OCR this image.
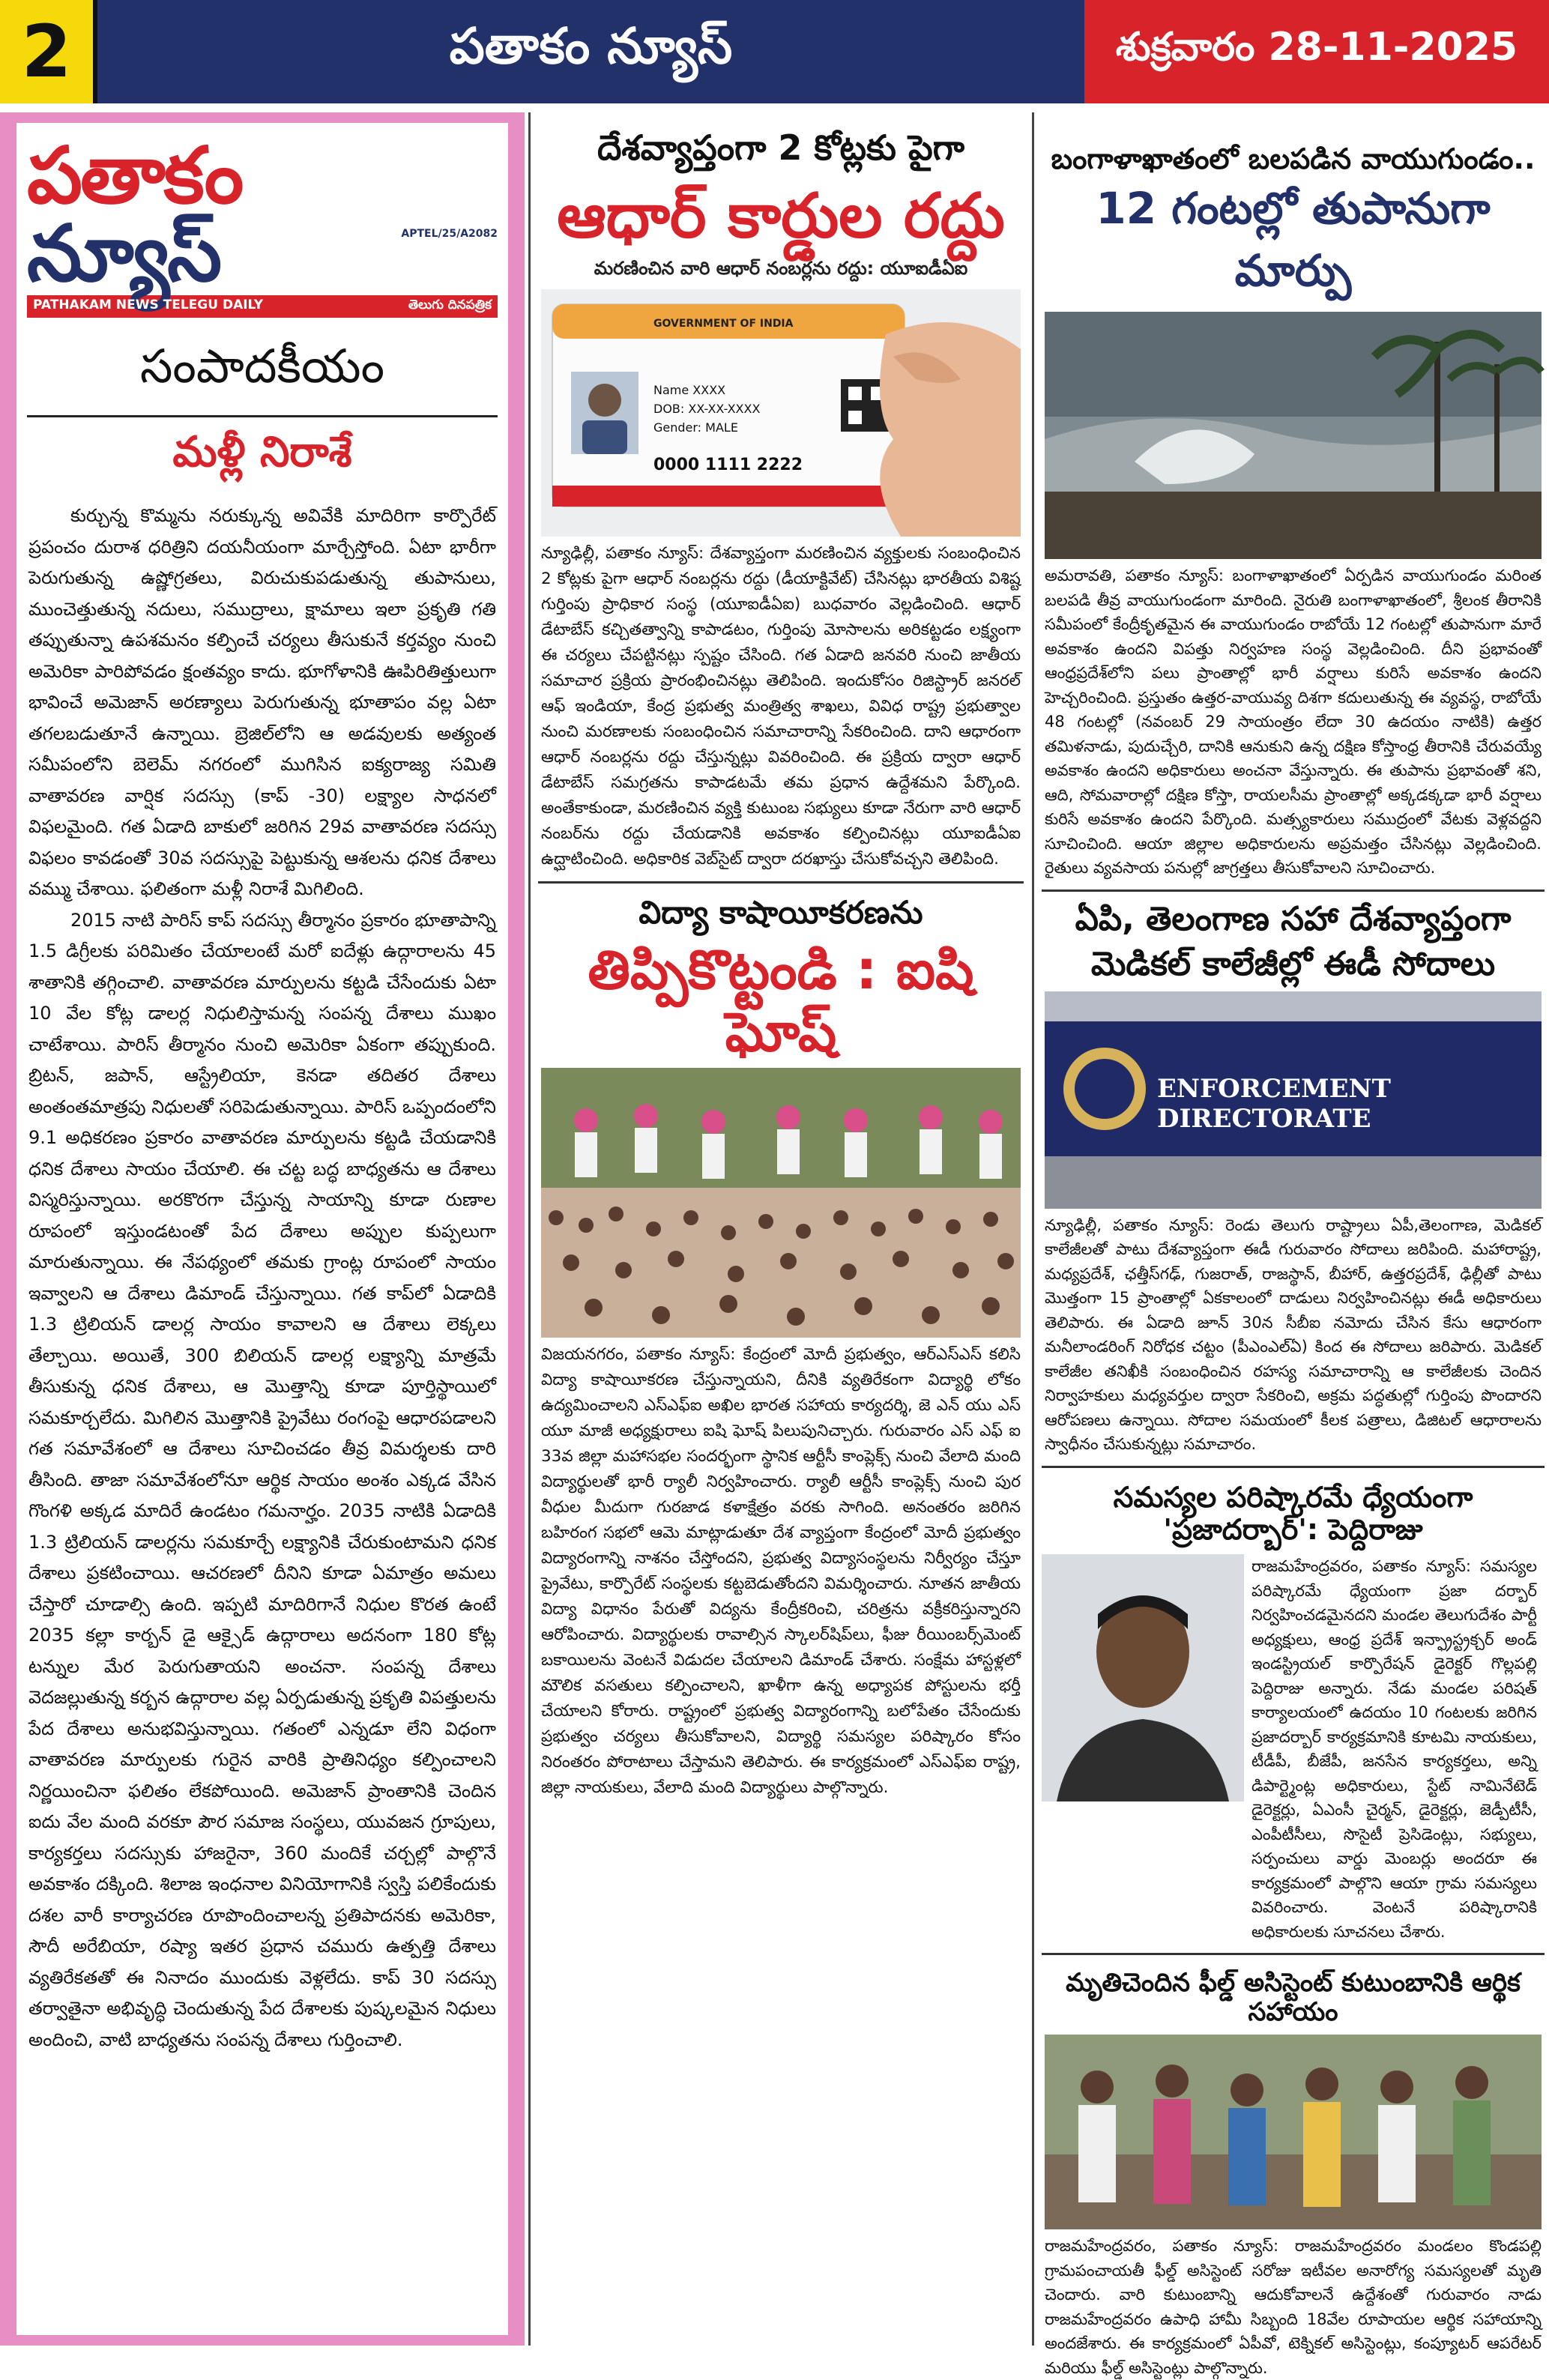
2	పతాకం న్యూస్	శుక్రవారం 28-11-2025
పతాకం న్యూస్	APTEL/25/A2082
PATHAKAM NEWS TELEGU DAILY	తెలుగు దినపత్రిక
సంపాదకీయం
మళ్లీ నిరాశే

కుర్చున్న కొమ్మను నరుక్కున్న అవివేకి మాదిరిగా కార్పొరేట్ ప్రపంచం దురాశ ధరిత్రిని దయనీయంగా మార్చేస్తోంది. ఏటా భారీగా పెరుగుతున్న ఉష్ణోగ్రతలు, విరుచుకుపడుతున్న తుపానులు, ముంచెత్తుతున్న నదులు, సముద్రాలు, క్షామాలు ఇలా ప్రకృతి గతి తప్పుతున్నా ఉపశమనం కల్పించే చర్యలు తీసుకునే కర్తవ్యం నుంచి అమెరికా పారిపోవడం క్షంతవ్యం కాదు. భూగోళానికి ఊపిరితిత్తులుగా భావించే అమెజాన్ అరణ్యాలు పెరుగుతున్న భూతాపం వల్ల ఏటా తగలబడుతూనే ఉన్నాయి. బ్రెజిల్‌లోని ఆ అడవులకు అత్యంత సమీపంలోని బెలెమ్ నగరంలో ముగిసిన ఐక్యరాజ్య సమితి వాతావరణ వార్షిక సదస్సు (కాప్ -30) లక్ష్యాల సాధనలో విఫలమైంది. గత ఏడాది బాకులో జరిగిన 29వ వాతావరణ సదస్సు విఫలం కావడంతో 30వ సదస్సుపై పెట్టుకున్న ఆశలను ధనిక దేశాలు వమ్ము చేశాయి. ఫలితంగా మళ్లీ నిరాశే మిగిలింది.

2015 నాటి పారిస్ కాప్ సదస్సు తీర్మానం ప్రకారం భూతాపాన్ని 1.5 డిగ్రీలకు పరిమితం చేయాలంటే మరో ఐదేళ్లు ఉద్గారాలను 45 శాతానికి తగ్గించాలి. వాతావరణ మార్పులను కట్టడి చేసేందుకు ఏటా 10 వేల కోట్ల డాలర్ల నిధులిస్తామన్న సంపన్న దేశాలు ముఖం చాటేశాయి. పారిస్ తీర్మానం నుంచి అమెరికా ఏకంగా తప్పుకుంది. బ్రిటన్, జపాన్, ఆస్ట్రేలియా, కెనడా తదితర దేశాలు అంతంతమాత్రపు నిధులతో సరిపెడుతున్నాయి. పారిస్ ఒప్పందంలోని 9.1 అధికరణం ప్రకారం వాతావరణ మార్పులను కట్టడి చేయడానికి ధనిక దేశాలు సాయం చేయాలి. ఈ చట్ట బద్ధ బాధ్యతను ఆ దేశాలు విస్మరిస్తున్నాయి. అరకొరగా చేస్తున్న సాయాన్ని కూడా రుణాల రూపంలో ఇస్తుండటంతో పేద దేశాలు అప్పుల కుప్పలుగా మారుతున్నాయి. ఈ నేపథ్యంలో తమకు గ్రాంట్ల రూపంలో సాయం ఇవ్వాలని ఆ దేశాలు డిమాండ్ చేస్తున్నాయి. గత కాప్‌లో ఏడాదికి 1.3 ట్రిలియన్ డాలర్ల సాయం కావాలని ఆ దేశాలు లెక్కలు తేల్చాయి. అయితే, 300 బిలియన్ డాలర్ల లక్ష్యాన్ని మాత్రమే తీసుకున్న ధనిక దేశాలు, ఆ మొత్తాన్ని కూడా పూర్తిస్థాయిలో సమకూర్చలేదు. మిగిలిన మొత్తానికి ప్రైవేటు రంగంపై ఆధారపడాలని గత సమావేశంలో ఆ దేశాలు సూచించడం తీవ్ర విమర్శలకు దారి తీసింది. తాజా సమావేశంలోనూ ఆర్థిక సాయం అంశం ఎక్కడ వేసిన గొంగళి అక్కడ మాదిరే ఉండటం గమనార్హం. 2035 నాటికి ఏడాదికి 1.3 ట్రిలియన్ డాలర్లను సమకూర్చే లక్ష్యానికి చేరుకుంటామని ధనిక దేశాలు ప్రకటించాయి. ఆచరణలో దీనిని కూడా ఏమాత్రం అమలు చేస్తారో చూడాల్సి ఉంది. ఇప్పటి మాదిరిగానే నిధుల కొరత ఉంటే 2035 కల్లా కార్బన్ డై ఆక్సైడ్ ఉద్గారాలు అదనంగా 180 కోట్ల టన్నుల మేర పెరుగుతాయని అంచనా. సంపన్న దేశాలు వెదజల్లుతున్న కర్బన ఉద్గారాల వల్ల ఏర్పడుతున్న ప్రకృతి విపత్తులను పేద దేశాలు అనుభవిస్తున్నాయి. గతంలో ఎన్నడూ లేని విధంగా వాతావరణ మార్పులకు గురైన వారికి ప్రాతినిధ్యం కల్పించాలని నిర్ణయించినా ఫలితం లేకపోయింది. అమెజాన్ ప్రాంతానికి చెందిన ఐదు వేల మంది వరకూ పౌర సమాజ సంస్థలు, యువజన గ్రూపులు, కార్యకర్తలు సదస్సుకు హాజరైనా, 360 మందికే చర్చల్లో పాల్గొనే అవకాశం దక్కింది. శిలాజ ఇంధనాల వినియోగానికి స్వస్తి పలికేందుకు దశల వారీ కార్యాచరణ రూపొందించాలన్న ప్రతిపాదనకు అమెరికా, సౌదీ అరేబియా, రష్యా ఇతర ప్రధాన చమురు ఉత్పత్తి దేశాలు వ్యతిరేకతతో ఈ నినాదం ముందుకు వెళ్లలేదు. కాప్ 30 సదస్సు తర్వాతైనా అభివృద్ధి చెందుతున్న పేద దేశాలకు పుష్కలమైన నిధులు అందించి, వాటి బాధ్యతను సంపన్న దేశాలు గుర్తించాలి.

దేశవ్యాప్తంగా 2 కోట్లకు పైగా
ఆధార్ కార్డుల రద్దు
మరణించిన వారి ఆధార్ నంబర్లను రద్దు: యూఐడీఏఐ
GOVERNMENT OF INDIA
Name XXXX
DOB: XX-XX-XXXX
Gender: MALE
0000 1111 2222
న్యూఢిల్లీ, పతాకం న్యూస్: దేశవ్యాప్తంగా మరణించిన వ్యక్తులకు సంబంధించిన 2 కోట్లకు పైగా ఆధార్ నంబర్లను రద్దు (డీయాక్టివేట్) చేసినట్లు భారతీయ విశిష్ట గుర్తింపు ప్రాధికార సంస్థ (యూఐడీఏఐ) బుధవారం వెల్లడించింది. ఆధార్ డేటాబేస్ కచ్చితత్వాన్ని కాపాడటం, గుర్తింపు మోసాలను అరికట్టడం లక్ష్యంగా ఈ చర్యలు చేపట్టినట్లు స్పష్టం చేసింది. గత ఏడాది జనవరి నుంచి జాతీయ సమాచార ప్రక్రియ ప్రారంభించినట్లు తెలిపింది. ఇందుకోసం రిజిస్ట్రార్ జనరల్ ఆఫ్ ఇండియా, కేంద్ర ప్రభుత్వ మంత్రిత్వ శాఖలు, వివిధ రాష్ట్ర ప్రభుత్వాల నుంచి మరణాలకు సంబంధించిన సమాచారాన్ని సేకరించింది. దాని ఆధారంగా ఆధార్ నంబర్లను రద్దు చేస్తున్నట్లు వివరించింది. ఈ ప్రక్రియ ద్వారా ఆధార్ డేటాబేస్ సమగ్రతను కాపాడటమే తమ ప్రధాన ఉద్దేశమని పేర్కొంది. అంతేకాకుండా, మరణించిన వ్యక్తి కుటుంబ సభ్యులు కూడా నేరుగా వారి ఆధార్ నంబర్‌ను రద్దు చేయడానికి అవకాశం కల్పించినట్లు యూఐడీఏఐ ఉద్ఘాటించింది. అధికారిక వెబ్‌సైట్ ద్వారా దరఖాస్తు చేసుకోవచ్చని తెలిపింది.
విద్యా కాషాయీకరణను
తిప్పికొట్టండి : ఐషి ఘోష్
విజయనగరం, పతాకం న్యూస్: కేంద్రంలో మోదీ ప్రభుత్వం, ఆర్ఎస్ఎస్ కలిసి విద్యా కాషాయీకరణ చేస్తున్నాయని, దీనికి వ్యతిరేకంగా విద్యార్థి లోకం ఉద్యమించాలని ఎస్ఎఫ్ఐ అఖిల భారత సహాయ కార్యదర్శి, జె ఎన్ యు ఎస్ యూ మాజీ అధ్యక్షురాలు ఐషి ఘోష్ పిలుపునిచ్చారు. గురువారం ఎస్ ఎఫ్ ఐ 33వ జిల్లా మహాసభల సందర్భంగా స్థానిక ఆర్టీసీ కాంప్లెక్స్ నుంచి వేలాది మంది విద్యార్థులతో భారీ ర్యాలీ నిర్వహించారు. ర్యాలీ ఆర్టీసీ కాంప్లెక్స్ నుంచి పుర వీధుల మీదుగా గురజాడ కళాక్షేత్రం వరకు సాగింది. అనంతరం జరిగిన బహిరంగ సభలో ఆమె మాట్లాడుతూ దేశ వ్యాప్తంగా కేంద్రంలో మోదీ ప్రభుత్వం విద్యారంగాన్ని నాశనం చేస్తోందని, ప్రభుత్వ విద్యాసంస్థలను నిర్వీర్యం చేస్తూ ప్రైవేటు, కార్పొరేట్ సంస్థలకు కట్టబెడుతోందని విమర్శించారు. నూతన జాతీయ విద్యా విధానం పేరుతో విద్యను కేంద్రీకరించి, చరిత్రను వక్రీకరిస్తున్నారని ఆరోపించారు. విద్యార్థులకు రావాల్సిన స్కాలర్‌షిప్‌లు, ఫీజు రీయింబర్స్‌మెంట్ బకాయిలను వెంటనే విడుదల చేయాలని డిమాండ్ చేశారు. సంక్షేమ హాస్టళ్లలో మౌలిక వసతులు కల్పించాలని, ఖాళీగా ఉన్న అధ్యాపక పోస్టులను భర్తీ చేయాలని కోరారు. రాష్ట్రంలో ప్రభుత్వ విద్యారంగాన్ని బలోపేతం చేసేందుకు ప్రభుత్వం చర్యలు తీసుకోవాలని, విద్యార్థి సమస్యల పరిష్కారం కోసం నిరంతరం పోరాటాలు చేస్తామని తెలిపారు. ఈ కార్యక్రమంలో ఎస్ఎఫ్ఐ రాష్ట్ర, జిల్లా నాయకులు, వేలాది మంది విద్యార్థులు పాల్గొన్నారు.
బంగాళాఖాతంలో బలపడిన వాయుగుండం..
12 గంటల్లో తుపానుగా మార్పు
అమరావతి, పతాకం న్యూస్: బంగాళాఖాతంలో ఏర్పడిన వాయుగుండం మరింత బలపడి తీవ్ర వాయుగుండంగా మారింది. నైరుతి బంగాళాఖాతంలో, శ్రీలంక తీరానికి సమీపంలో కేంద్రీకృతమైన ఈ వాయుగుండం రాబోయే 12 గంటల్లో తుపానుగా మారే అవకాశం ఉందని విపత్తు నిర్వహణ సంస్థ వెల్లడించింది. దీని ప్రభావంతో ఆంధ్రప్రదేశ్‌లోని పలు ప్రాంతాల్లో భారీ వర్షాలు కురిసే అవకాశం ఉందని హెచ్చరించింది. ప్రస్తుతం ఉత్తర-వాయువ్య దిశగా కదులుతున్న ఈ వ్యవస్థ, రాబోయే 48 గంటల్లో (నవంబర్ 29 సాయంత్రం లేదా 30 ఉదయం నాటికి) ఉత్తర తమిళనాడు, పుదుచ్చేరి, దానికి ఆనుకుని ఉన్న దక్షిణ కోస్తాంధ్ర తీరానికి చేరువయ్యే అవకాశం ఉందని అధికారులు అంచనా వేస్తున్నారు. ఈ తుపాను ప్రభావంతో శని, ఆది, సోమవారాల్లో దక్షిణ కోస్తా, రాయలసీమ ప్రాంతాల్లో అక్కడక్కడా భారీ వర్షాలు కురిసే అవకాశం ఉందని పేర్కొంది. మత్స్యకారులు సముద్రంలో వేటకు వెళ్లవద్దని సూచించింది. ఆయా జిల్లాల అధికారులను అప్రమత్తం చేసినట్లు వెల్లడించింది. రైతులు వ్యవసాయ పనుల్లో జాగ్రత్తలు తీసుకోవాలని సూచించారు.
ఏపి, తెలంగాణ సహా దేశవ్యాప్తంగా
మెడికల్ కాలేజీల్లో ఈడీ సోదాలు
ENFORCEMENT DIRECTORATE
న్యూఢిల్లీ, పతాకం న్యూస్: రెండు తెలుగు రాష్ట్రాలు ఏపీ,తెలంగాణ, మెడికల్ కాలేజీలతో పాటు దేశవ్యాప్తంగా ఈడీ గురువారం సోదాలు జరిపింది. మహారాష్ట్ర, మధ్యప్రదేశ్, ఛత్తీస్‌గఢ్, గుజరాత్, రాజస్థాన్, బీహార్, ఉత్తరప్రదేశ్, ఢిల్లీతో పాటు మొత్తంగా 15 ప్రాంతాల్లో ఏకకాలంలో దాడులు నిర్వహించినట్లు ఈడీ అధికారులు తెలిపారు. ఈ ఏడాది జూన్ 30న సీబీఐ నమోదు చేసిన కేసు ఆధారంగా మనీలాండరింగ్ నిరోధక చట్టం (పీఎంఎల్ఏ) కింద ఈ సోదాలు జరిపారు. మెడికల్ కాలేజీల తనిఖీకి సంబంధించిన రహస్య సమాచారాన్ని ఆ కాలేజీలకు చెందిన నిర్వాహకులు మధ్యవర్తుల ద్వారా సేకరించి, అక్రమ పద్ధతుల్లో గుర్తింపు పొందారని ఆరోపణలు ఉన్నాయి. సోదాల సమయంలో కీలక పత్రాలు, డిజిటల్ ఆధారాలను స్వాధీనం చేసుకున్నట్లు సమాచారం.
సమస్యల పరిష్కారమే ధ్యేయంగా 'ప్రజాదర్బార్': పెద్దిరాజు
రాజమహేంద్రవరం, పతాకం న్యూస్: సమస్యల పరిష్కారమే ధ్యేయంగా ప్రజా దర్బార్ నిర్వహించడమైనదని మండల తెలుగుదేశం పార్టీ అధ్యక్షులు, ఆంధ్ర ప్రదేశ్ ఇన్ఫ్రాస్ట్రక్చర్ అండ్ ఇండస్ట్రియల్ కార్పొరేషన్ డైరెక్టర్ గొల్లపల్లి పెద్దిరాజు అన్నారు. నేడు మండల పరిషత్ కార్యాలయంలో ఉదయం 10 గంటలకు జరిగిన ప్రజాదర్బార్ కార్యక్రమానికి కూటమి నాయకులు, టీడీపీ, బీజేపీ, జనసేన కార్యకర్తలు, అన్ని డిపార్ట్మెంట్ల అధికారులు, స్టేట్ నామినేటెడ్ డైరెక్టర్లు, ఏఎంసీ చైర్మన్, డైరెక్టర్లు, జెడ్పీటీసీ, ఎంపీటీసీలు, సొసైటీ ప్రెసిడెంట్లు, సభ్యులు, సర్పంచులు వార్డు మెంబర్లు అందరూ ఈ కార్యక్రమంలో పాల్గొని ఆయా గ్రామ సమస్యలు వివరించారు. వెంటనే పరిష్కారానికి అధికారులకు సూచనలు చేశారు.
మృతిచెందిన ఫీల్డ్ అసిస్టెంట్ కుటుంబానికి ఆర్థిక సహాయం
రాజమహేంద్రవరం, పతాకం న్యూస్: రాజమహేంద్రవరం మండలం కొండపల్లి గ్రామపంచాయతీ ఫీల్డ్ అసిస్టెంట్ సరోజు ఇటీవల అనారోగ్య సమస్యలతో మృతి చెందారు. వారి కుటుంబాన్ని ఆదుకోవాలనే ఉద్దేశంతో గురువారం నాడు రాజమహేంద్రవరం ఉపాధి హామీ సిబ్బంది 18వేల రూపాయల ఆర్థిక సహాయాన్ని అందజేశారు. ఈ కార్యక్రమంలో ఏపీవో, టెక్నికల్ అసిస్టెంట్లు, కంప్యూటర్ ఆపరేటర్ మరియు ఫీల్డ్ అసిస్టెంట్లు పాల్గొన్నారు.
